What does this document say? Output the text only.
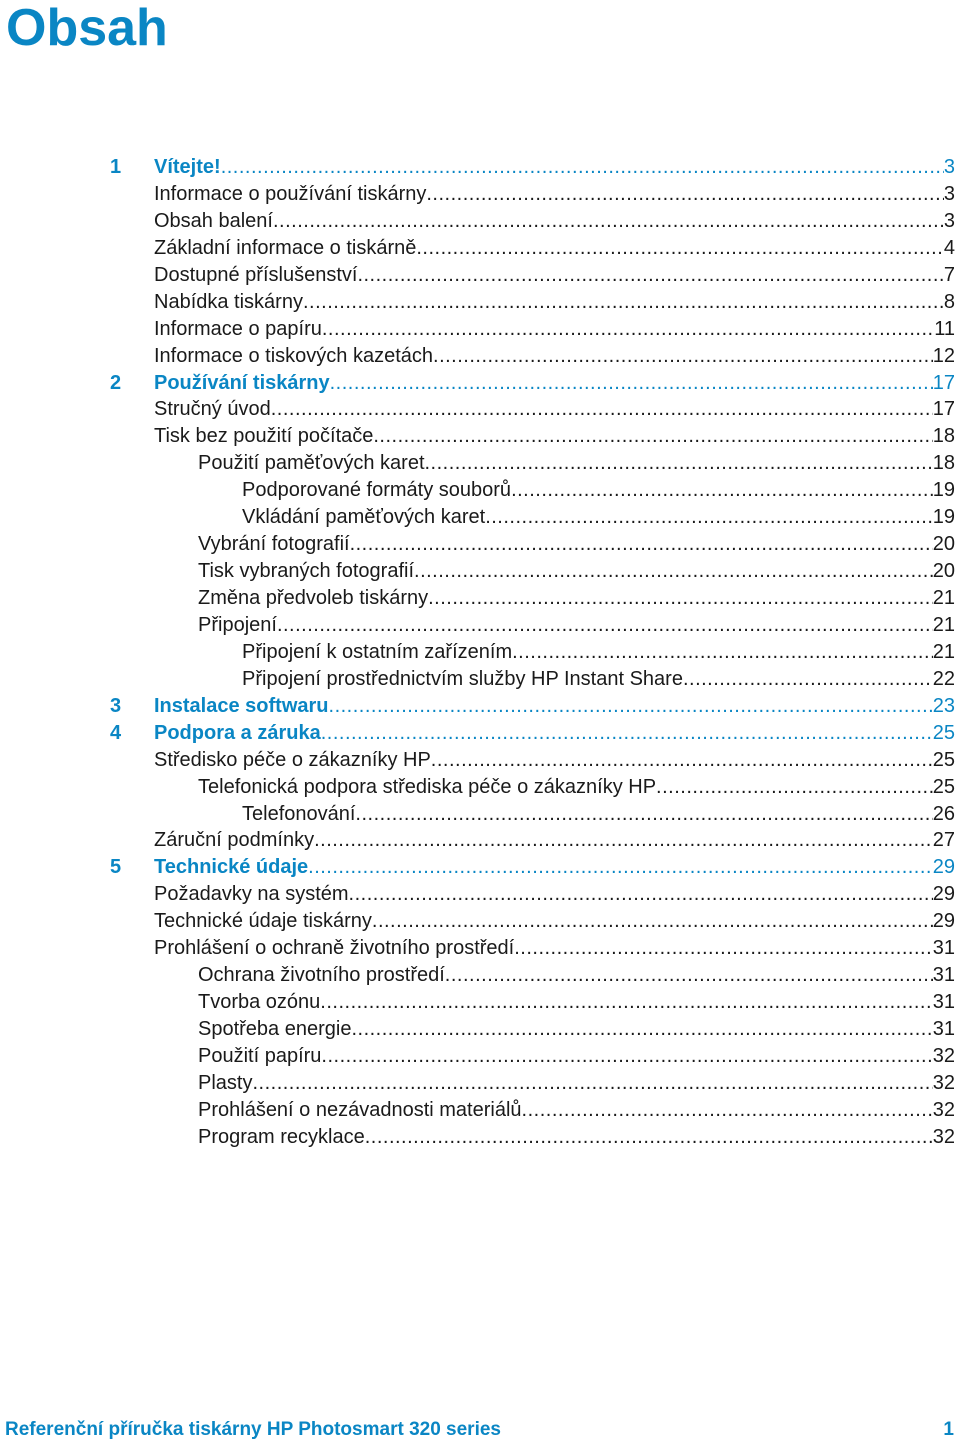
Obsah
1 Vítejte! .....	3
Informace o používání tiskárny .....	3
Obsah balení .....	3
Základní informace o tiskárně .....	4
Dostupné příslušenství .....	7
Nabídka tiskárny .....	8
Informace o papíru .....	11
Informace o tiskových kazetách .....	12
2 Používání tiskárny .....	17
Stručný úvod .....	17
Tisk bez použití počítače .....	18
Použití paměťových karet .....	18
Podporované formáty souborů .....	19
Vkládání paměťových karet .....	19
Vybrání fotografií .....	20
Tisk vybraných fotografií .....	20
Změna předvoleb tiskárny .....	21
Připojení .....	21
Připojení k ostatním zařízením .....	21
Připojení prostřednictvím služby HP Instant Share .....	22
3 Instalace softwaru .....	23
4 Podpora a záruka .....	25
Středisko péče o zákazníky HP .....	25
Telefonická podpora střediska péče o zákazníky HP .....	25
Telefonování .....	26
Záruční podmínky .....	27
5 Technické údaje .....	29
Požadavky na systém .....	29
Technické údaje tiskárny .....	29
Prohlášení o ochraně životního prostředí .....	31
Ochrana životního prostředí .....	31
Tvorba ozónu .....	31
Spotřeba energie .....	31
Použití papíru .....	32
Plasty .....	32
Prohlášení o nezávadnosti materiálů .....	32
Program recyklace .....	32
Referenční příručka tiskárny HP Photosmart 320 series	1
